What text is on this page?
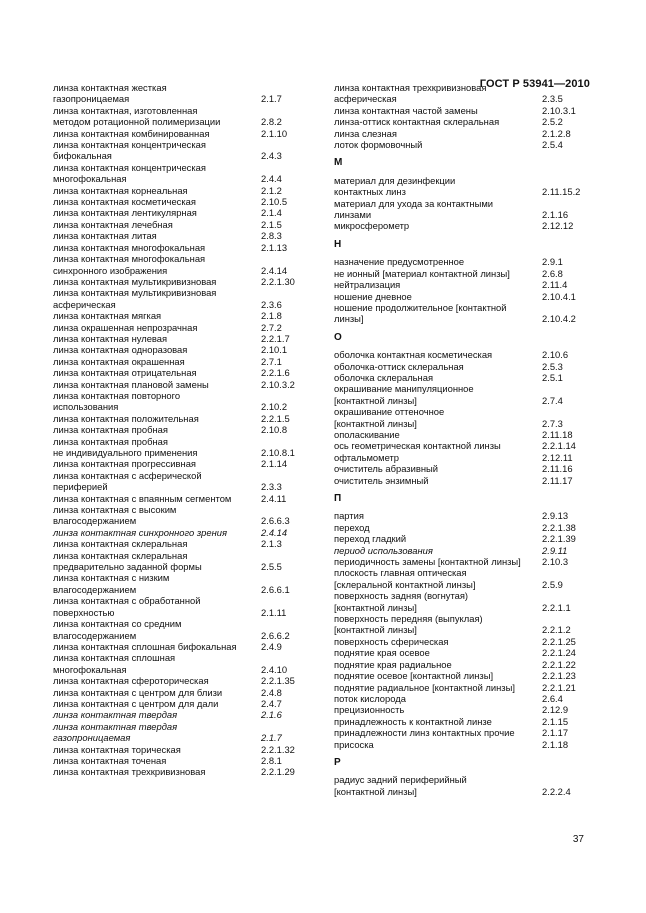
ГОСТ Р 53941—2010
линза контактная жесткая
газопроницаемая	2.1.7
линза контактная, изготовленная
методом ротационной полимеризации	2.8.2
линза контактная комбинированная	2.1.10
линза контактная концентрическая
бифокальная	2.4.3
линза контактная концентрическая
многофокальная	2.4.4
линза контактная корнеальная	2.1.2
линза контактная косметическая	2.10.5
линза контактная лентикулярная	2.1.4
линза контактная лечебная	2.1.5
линза контактная литая	2.8.3
линза контактная многофокальная	2.1.13
линза контактная многофокальная
синхронного изображения	2.4.14
линза контактная мультикривизновая	2.2.1.30
линза контактная мультикривизновая
асферическая	2.3.6
линза контактная мягкая	2.1.8
линза окрашенная непрозрачная	2.7.2
линза контактная нулевая	2.2.1.7
линза контактная одноразовая	2.10.1
линза контактная окрашенная	2.7.1
линза контактная отрицательная	2.2.1.6
линза контактная плановой замены	2.10.3.2
линза контактная повторного
использования	2.10.2
линза контактная положительная	2.2.1.5
линза контактная пробная	2.10.8
линза контактная пробная
не индивидуального применения	2.10.8.1
линза контактная прогрессивная	2.1.14
линза контактная с асферической
периферией	2.3.3
линза контактная с впаянным сегментом	2.4.11
линза контактная с высоким
влагосодержанием	2.6.6.3
линза контактная синхронного зрения	2.4.14
линза контактная склеральная	2.1.3
линза контактная склеральная
предварительно заданной формы	2.5.5
линза контактная с низким
влагосодержанием	2.6.6.1
линза контактная с обработанной
поверхностью	2.1.11
линза контактная со средним
влагосодержанием	2.6.6.2
линза контактная сплошная бифокальная	2.4.9
линза контактная сплошная
многофокальная	2.4.10
линза контактная сфероторическая	2.2.1.35
линза контактная с центром для близи	2.4.8
линза контактная с центром для дали	2.4.7
линза контактная твердая	2.1.6
линза контактная твердая
газопроницаемая	2.1.7
линза контактная торическая	2.2.1.32
линза контактная точеная	2.8.1
линза контактная трехкривизновая	2.2.1.29
линза контактная трехкривизновая
асферическая	2.3.5
линза контактная частой замены	2.10.3.1
линза-оттиск контактная склеральная	2.5.2
линза слезная	2.1.2.8
лоток формовочный	2.5.4
М
материал для дезинфекции
контактных линз	2.11.15.2
материал для ухода за контактными
линзами	2.1.16
микросферометр	2.12.12
Н
назначение предусмотренное	2.9.1
не ионный [материал контактной линзы]	2.6.8
нейтрализация	2.11.4
ношение дневное	2.10.4.1
ношение продолжительное [контактной
линзы]	2.10.4.2
О
оболочка контактная косметическая	2.10.6
оболочка-оттиск склеральная	2.5.3
оболочка склеральная	2.5.1
окрашивание манипуляционное
[контактной линзы]	2.7.4
окрашивание оттеночное
[контактной линзы]	2.7.3
ополаскивание	2.11.18
ось геометрическая контактной линзы	2.2.1.14
офтальмометр	2.12.11
очиститель абразивный	2.11.16
очиститель энзимный	2.11.17
П
партия	2.9.13
переход	2.2.1.38
переход гладкий	2.2.1.39
период использования	2.9.11
периодичность замены [контактной линзы]	2.10.3
плоскость главная оптическая
[склеральной контактной линзы]	2.5.9
поверхность задняя (вогнутая)
[контактной линзы]	2.2.1.1
поверхность передняя (выпуклая)
[контактной линзы]	2.2.1.2
поверхность сферическая	2.2.1.25
поднятие края осевое	2.2.1.24
поднятие края радиальное	2.2.1.22
поднятие осевое [контактной линзы]	2.2.1.23
поднятие радиальное [контактной линзы]	2.2.1.21
поток кислорода	2.6.4
прецизионность	2.12.9
принадлежность к контактной линзе	2.1.15
принадлежности линз контактных прочие	2.1.17
присоска	2.1.18
Р
радиус задний периферийный
[контактной линзы]	2.2.2.4
37
